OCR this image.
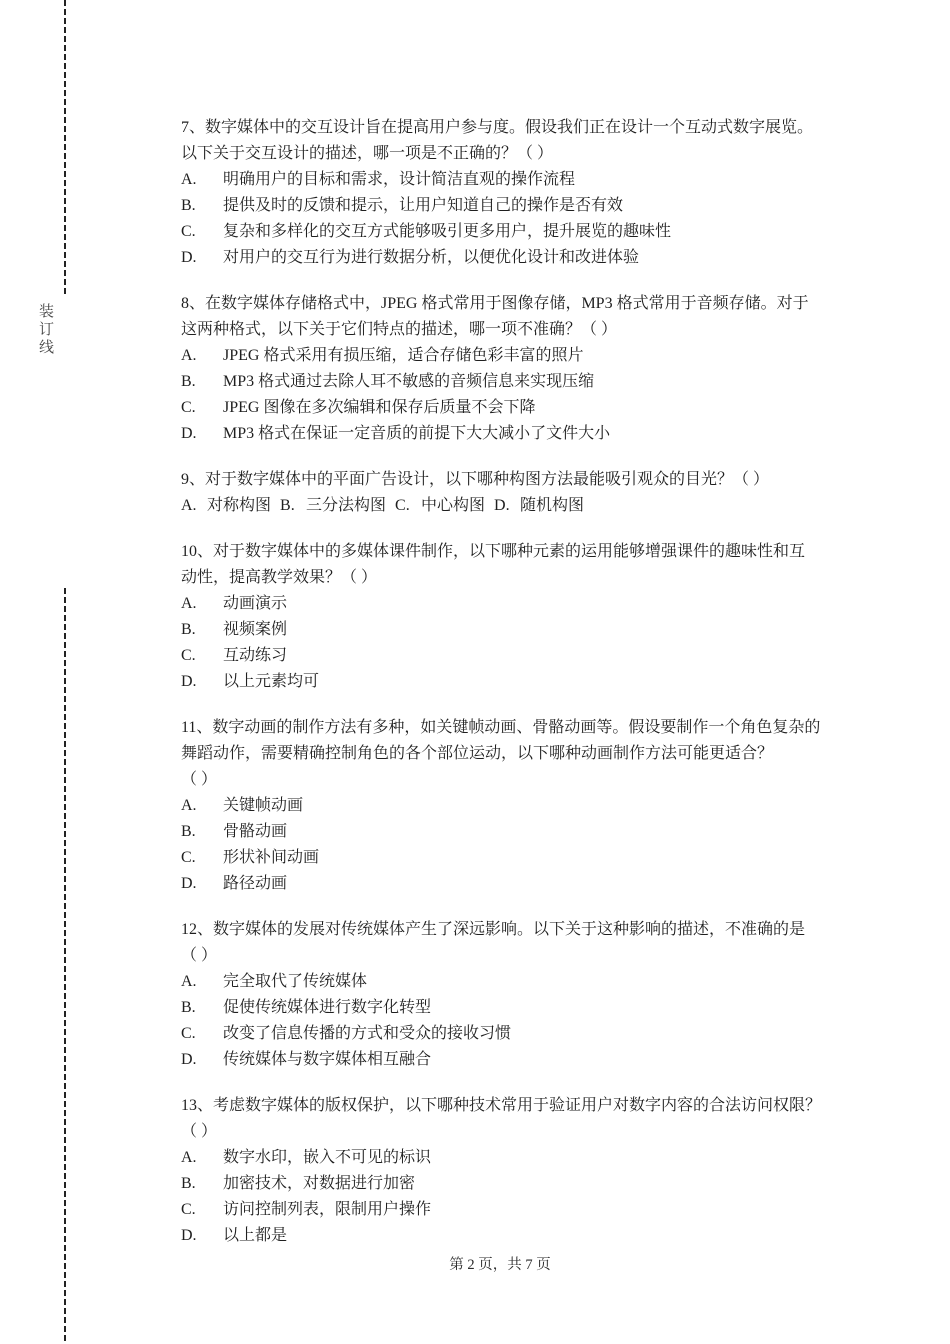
装订线
7、数字媒体中的交互设计旨在提高用户参与度。假设我们正在设计一个互动式数字展览。
以下关于交互设计的描述，哪一项是不正确的？（ ）
A. 明确用户的目标和需求，设计简洁直观的操作流程
B. 提供及时的反馈和提示，让用户知道自己的操作是否有效
C. 复杂和多样化的交互方式能够吸引更多用户，提升展览的趣味性
D. 对用户的交互行为进行数据分析，以便优化设计和改进体验
8、在数字媒体存储格式中，JPEG 格式常用于图像存储，MP3 格式常用于音频存储。对于
这两种格式，以下关于它们特点的描述，哪一项不准确？（ ）
A. JPEG 格式采用有损压缩，适合存储色彩丰富的照片
B. MP3 格式通过去除人耳不敏感的音频信息来实现压缩
C. JPEG 图像在多次编辑和保存后质量不会下降
D. MP3 格式在保证一定音质的前提下大大减小了文件大小
9、对于数字媒体中的平面广告设计，以下哪种构图方法最能吸引观众的目光？（ ）
A. 对称构图 B. 三分法构图 C. 中心构图 D. 随机构图
10、对于数字媒体中的多媒体课件制作，以下哪种元素的运用能够增强课件的趣味性和互
动性，提高教学效果？（ ）
A. 动画演示
B. 视频案例
C. 互动练习
D. 以上元素均可
11、数字动画的制作方法有多种，如关键帧动画、骨骼动画等。假设要制作一个角色复杂的
舞蹈动作，需要精确控制角色的各个部位运动，以下哪种动画制作方法可能更适合？
（ ）
A. 关键帧动画
B. 骨骼动画
C. 形状补间动画
D. 路径动画
12、数字媒体的发展对传统媒体产生了深远影响。以下关于这种影响的描述，不准确的是
（ ）
A. 完全取代了传统媒体
B. 促使传统媒体进行数字化转型
C. 改变了信息传播的方式和受众的接收习惯
D. 传统媒体与数字媒体相互融合
13、考虑数字媒体的版权保护，以下哪种技术常用于验证用户对数字内容的合法访问权限？
（ ）
A. 数字水印，嵌入不可见的标识
B. 加密技术，对数据进行加密
C. 访问控制列表，限制用户操作
D. 以上都是
第 2 页，共 7 页
